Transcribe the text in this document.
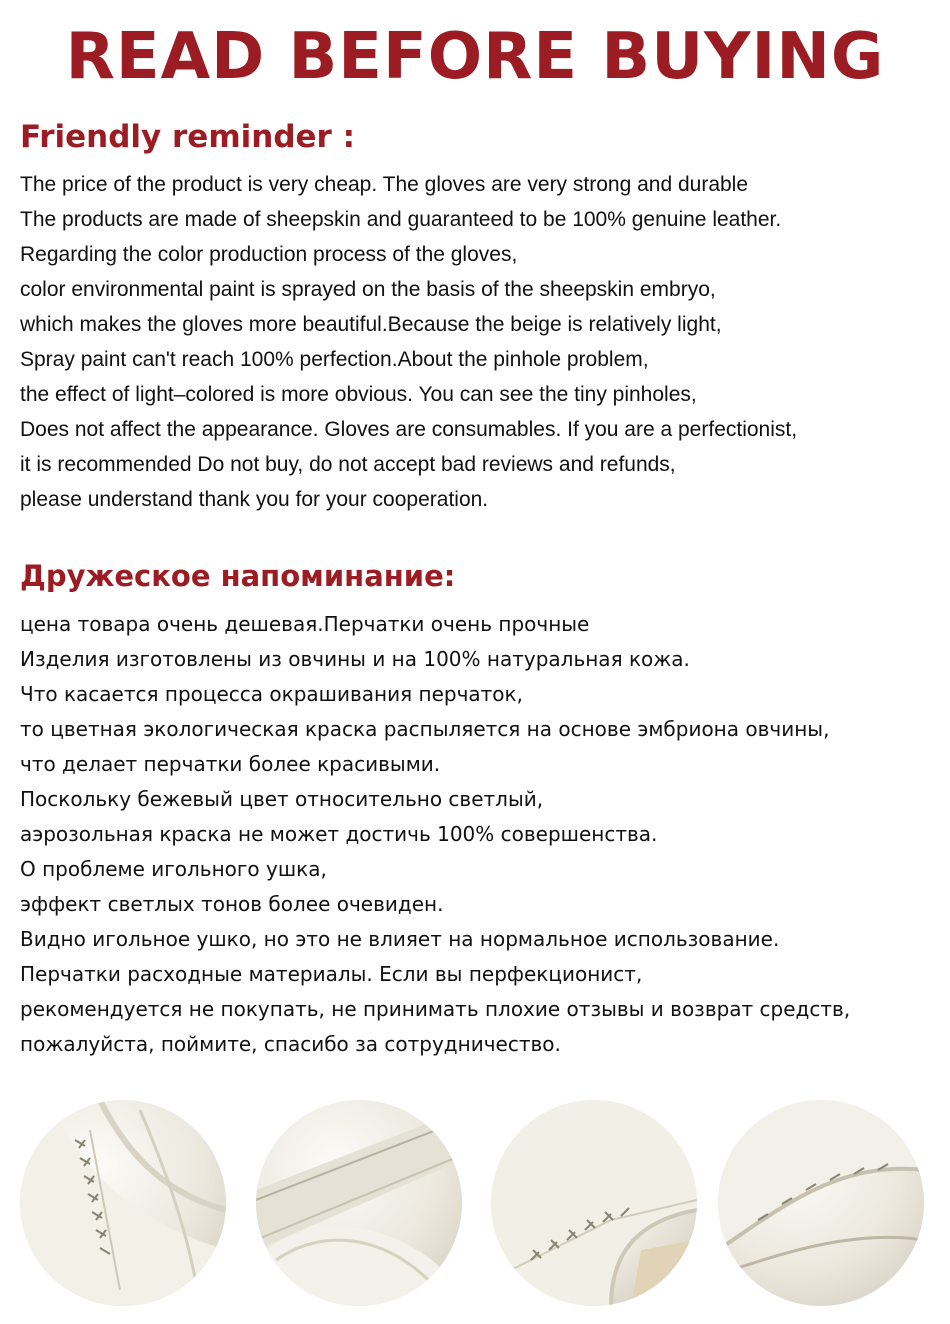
READ BEFORE BUYING
Friendly reminder :
The price of the product is very cheap. The gloves are very strong and durable
The products are made of sheepskin and guaranteed to be 100% genuine leather.
Regarding the color production process of the gloves,
color environmental paint is sprayed on the basis of the sheepskin embryo,
which makes the gloves more beautiful.Because the beige is relatively light,
Spray paint can't reach 100% perfection.About the pinhole problem,
the effect of light–colored is more obvious. You can see the tiny pinholes,
Does not affect the appearance. Gloves are consumables. If you are a perfectionist,
it is recommended Do not buy, do not accept bad reviews and refunds,
please understand thank you for your cooperation.
Дружеское напоминание:
цена товара очень дешевая.Перчатки очень прочные
Изделия изготовлены из овчины и на 100% натуральная кожа.
Что касается процесса окрашивания перчаток,
то цветная экологическая краска распыляется на основе эмбриона овчины,
что делает перчатки более красивыми.
Поскольку бежевый цвет относительно светлый,
аэрозольная краска не может достичь 100% совершенства.
О проблеме игольного ушка,
эффект светлых тонов более очевиден.
Видно игольное ушко, но это не влияет на нормальное использование.
Перчатки расходные материалы. Если вы перфекционист,
рекомендуется не покупать, не принимать плохие отзывы и возврат средств,
пожалуйста, поймите, спасибо за сотрудничество.
